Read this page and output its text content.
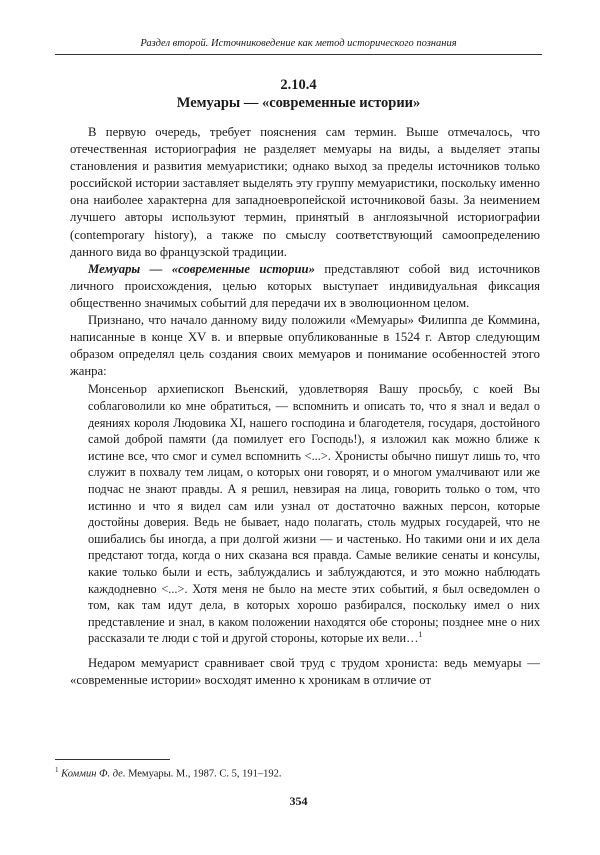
Раздел второй. Источниковедение как метод исторического познания
2.10.4
Мемуары — «современные истории»

В первую очередь, требует пояснения сам термин. Выше отмечалось, что отечественная историография не разделяет мемуары на виды, а выделяет этапы становления и развития мемуаристики; однако выход за пределы источников только российской истории заставляет выделять эту группу мемуаристики, поскольку именно она наиболее характерна для западноевропейской источниковой базы. За неимением лучшего авторы используют термин, принятый в англоязычной историографии (contemporary history), а также по смыслу соответствующий самоопределению данного вида во французской традиции.

Мемуары — «современные истории» представляют собой вид источников личного происхождения, целью которых выступает индивидуальная фиксация общественно значимых событий для передачи их в эволюционном целом.

Признано, что начало данному виду положили «Мемуары» Филиппа де Коммина, написанные в конце XV в. и впервые опубликованные в 1524 г. Автор следующим образом определял цель создания своих мемуаров и понимание особенностей этого жанра:

Монсеньор архиепископ Вьенский, удовлетворяя Вашу просьбу, с коей Вы соблаговолили ко мне обратиться, — вспомнить и описать то, что я знал и ведал о деяниях короля Людовика XI, нашего господина и благодетеля, государя, достойного самой доброй памяти (да помилует его Господь!), я изложил как можно ближе к истине все, что смог и сумел вспомнить <...>. Хронисты обычно пишут лишь то, что служит в похвалу тем лицам, о которых они говорят, и о многом умалчивают или же подчас не знают правды. А я решил, невзирая на лица, говорить только о том, что истинно и что я видел сам или узнал от достаточно важных персон, которые достойны доверия. Ведь не бывает, надо полагать, столь мудрых государей, что не ошибались бы иногда, а при долгой жизни — и частенько. Но такими они и их дела предстают тогда, когда о них сказана вся правда. Самые великие сенаты и консулы, какие только были и есть, заблуждались и заблуждаются, и это можно наблюдать каждодневно <...>. Хотя меня не было на месте этих событий, я был осведомлен о том, как там идут дела, в которых хорошо разбирался, поскольку имел о них представление и знал, в каком положении находятся обе стороны; позднее мне о них рассказали те люди с той и другой стороны, которые их вели…$^1$

Недаром мемуарист сравнивает свой труд с трудом хрониста: ведь мемуары — «современные истории» восходят именно к хроникам в отличие от

$^1$ Коммин Ф. де. Мемуары. М., 1987. С. 5, 191–192.
354
